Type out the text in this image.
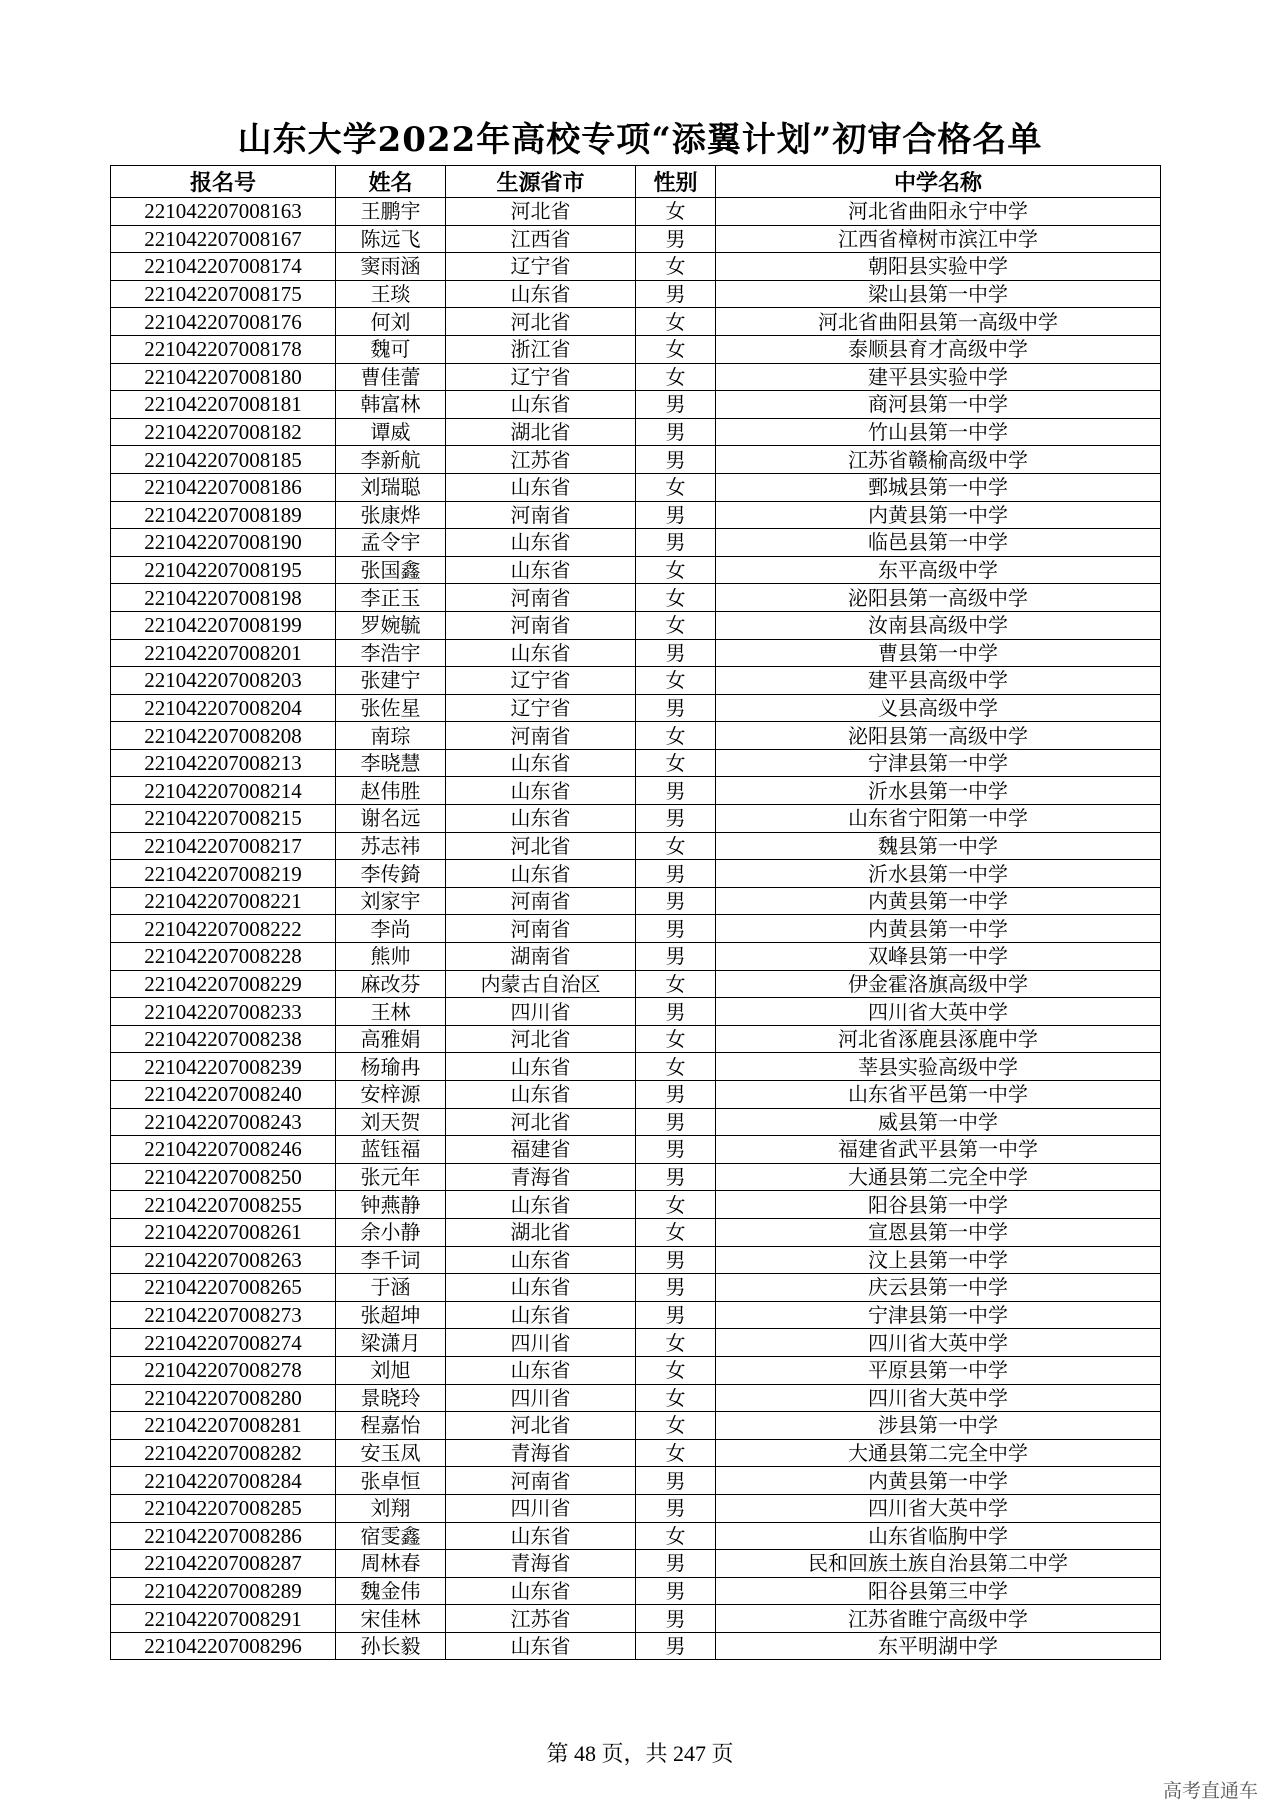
山东大学2022年高校专项“添翼计划”初审合格名单
报名号	姓名	生源省市	性别	中学名称
221042207008163	王鹏宇	河北省	女	河北省曲阳永宁中学
221042207008167	陈远飞	江西省	男	江西省樟树市滨江中学
221042207008174	窦雨涵	辽宁省	女	朝阳县实验中学
221042207008175	王琰	山东省	男	梁山县第一中学
221042207008176	何刘	河北省	女	河北省曲阳县第一高级中学
221042207008178	魏可	浙江省	女	泰顺县育才高级中学
221042207008180	曹佳蕾	辽宁省	女	建平县实验中学
221042207008181	韩富林	山东省	男	商河县第一中学
221042207008182	谭威	湖北省	男	竹山县第一中学
221042207008185	李新航	江苏省	男	江苏省赣榆高级中学
221042207008186	刘瑞聪	山东省	女	鄄城县第一中学
221042207008189	张康烨	河南省	男	内黄县第一中学
221042207008190	孟令宇	山东省	男	临邑县第一中学
221042207008195	张国鑫	山东省	女	东平高级中学
221042207008198	李正玉	河南省	女	泌阳县第一高级中学
221042207008199	罗婉毓	河南省	女	汝南县高级中学
221042207008201	李浩宇	山东省	男	曹县第一中学
221042207008203	张建宁	辽宁省	女	建平县高级中学
221042207008204	张佐星	辽宁省	男	义县高级中学
221042207008208	南琮	河南省	女	泌阳县第一高级中学
221042207008213	李晓慧	山东省	女	宁津县第一中学
221042207008214	赵伟胜	山东省	男	沂水县第一中学
221042207008215	谢名远	山东省	男	山东省宁阳第一中学
221042207008217	苏志祎	河北省	女	魏县第一中学
221042207008219	李传錡	山东省	男	沂水县第一中学
221042207008221	刘家宇	河南省	男	内黄县第一中学
221042207008222	李尚	河南省	男	内黄县第一中学
221042207008228	熊帅	湖南省	男	双峰县第一中学
221042207008229	麻改芬	内蒙古自治区	女	伊金霍洛旗高级中学
221042207008233	王林	四川省	男	四川省大英中学
221042207008238	高雅娟	河北省	女	河北省涿鹿县涿鹿中学
221042207008239	杨瑜冉	山东省	女	莘县实验高级中学
221042207008240	安梓源	山东省	男	山东省平邑第一中学
221042207008243	刘天贺	河北省	男	威县第一中学
221042207008246	蓝钰福	福建省	男	福建省武平县第一中学
221042207008250	张元年	青海省	男	大通县第二完全中学
221042207008255	钟燕静	山东省	女	阳谷县第一中学
221042207008261	余小静	湖北省	女	宣恩县第一中学
221042207008263	李千词	山东省	男	汶上县第一中学
221042207008265	于涵	山东省	男	庆云县第一中学
221042207008273	张超坤	山东省	男	宁津县第一中学
221042207008274	梁潇月	四川省	女	四川省大英中学
221042207008278	刘旭	山东省	女	平原县第一中学
221042207008280	景晓玲	四川省	女	四川省大英中学
221042207008281	程嘉怡	河北省	女	涉县第一中学
221042207008282	安玉凤	青海省	女	大通县第二完全中学
221042207008284	张卓恒	河南省	男	内黄县第一中学
221042207008285	刘翔	四川省	男	四川省大英中学
221042207008286	宿雯鑫	山东省	女	山东省临朐中学
221042207008287	周林春	青海省	男	民和回族土族自治县第二中学
221042207008289	魏金伟	山东省	男	阳谷县第三中学
221042207008291	宋佳林	江苏省	男	江苏省睢宁高级中学
221042207008296	孙长毅	山东省	男	东平明湖中学
第 48 页，共 247 页
高考直通车
